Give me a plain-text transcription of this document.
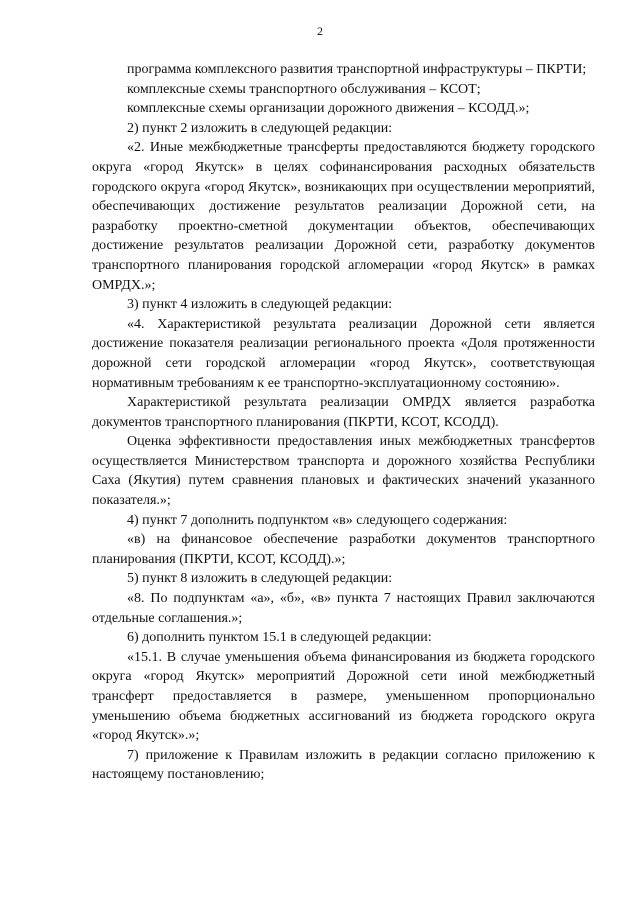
2

программа комплексного развития транспортной инфраструктуры – ПКРТИ;

комплексные схемы транспортного обслуживания – КСОТ;

комплексные схемы организации дорожного движения – КСОДД.»;

2) пункт 2 изложить в следующей редакции:

«2. Иные межбюджетные трансферты предоставляются бюджету городского округа «город Якутск» в целях софинансирования расходных обязательств городского округа «город Якутск», возникающих при осуществлении мероприятий, обеспечивающих достижение результатов реализации Дорожной сети, на разработку проектно-сметной документации объектов, обеспечивающих достижение результатов реализации Дорожной сети, разработку документов транспортного планирования городской агломерации «город Якутск» в рамках ОМРДХ.»;

3) пункт 4 изложить в следующей редакции:

«4. Характеристикой результата реализации Дорожной сети является достижение показателя реализации регионального проекта «Доля протяженности дорожной сети городской агломерации «город Якутск», соответствующая нормативным требованиям к ее транспортно-эксплуатационному состоянию».

Характеристикой результата реализации ОМРДХ является разработка документов транспортного планирования (ПКРТИ, КСОТ, КСОДД).

Оценка эффективности предоставления иных межбюджетных трансфертов осуществляется Министерством транспорта и дорожного хозяйства Республики Саха (Якутия) путем сравнения плановых и фактических значений указанного показателя.»;

4) пункт 7 дополнить подпунктом «в» следующего содержания:

«в) на финансовое обеспечение разработки документов транспортного планирования (ПКРТИ, КСОТ, КСОДД).»;

5) пункт 8 изложить в следующей редакции:

«8. По подпунктам «а», «б», «в» пункта 7 настоящих Правил заключаются отдельные соглашения.»;

6) дополнить пунктом 15.1 в следующей редакции:

«15.1. В случае уменьшения объема финансирования из бюджета городского округа «город Якутск» мероприятий Дорожной сети иной межбюджетный трансферт предоставляется в размере, уменьшенном пропорционально уменьшению объема бюджетных ассигнований из бюджета городского округа «город Якутск».»;

7) приложение к Правилам изложить в редакции согласно приложению к настоящему постановлению;
